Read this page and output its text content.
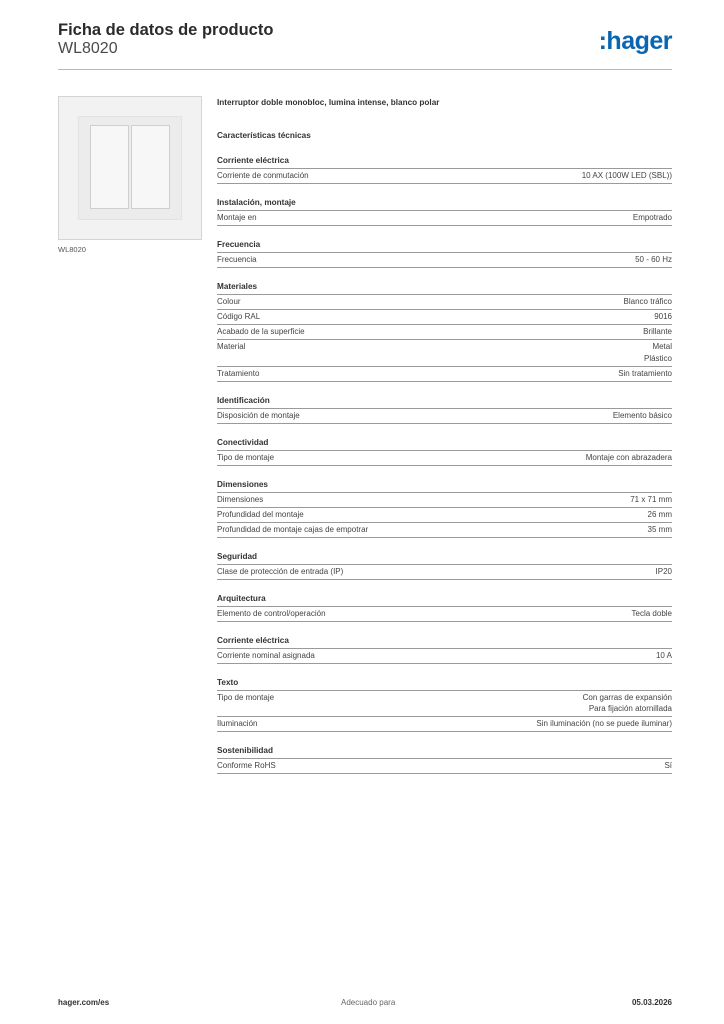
Ficha de datos de producto
WL8020	:hager
WL8020
Interruptor doble monobloc, lumina intense, blanco polar
Características técnicas
Corriente eléctrica
Corriente de conmutación	10 AX (100W LED (SBL))
Instalación, montaje
Montaje en	Empotrado
Frecuencia
Frecuencia	50 - 60 Hz
Materiales
Colour	Blanco tráfico
Código RAL	9016
Acabado de la superficie	Brillante
Material	Metal
Plástico
Tratamiento	Sin tratamiento
Identificación
Disposición de montaje	Elemento básico
Conectividad
Tipo de montaje	Montaje con abrazadera
Dimensiones
Dimensiones	71 x 71 mm
Profundidad del montaje	26 mm
Profundidad de montaje cajas de empotrar	35 mm
Seguridad
Clase de protección de entrada (IP)	IP20
Arquitectura
Elemento de control/operación	Tecla doble
Corriente eléctrica
Corriente nominal asignada	10 A
Texto
Tipo de montaje	Con garras de expansión
Para fijación atornillada
Iluminación	Sin iluminación (no se puede iluminar)
Sostenibilidad
Conforme RoHS	Sí
hager.com/es	Adecuado para	05.03.2026
